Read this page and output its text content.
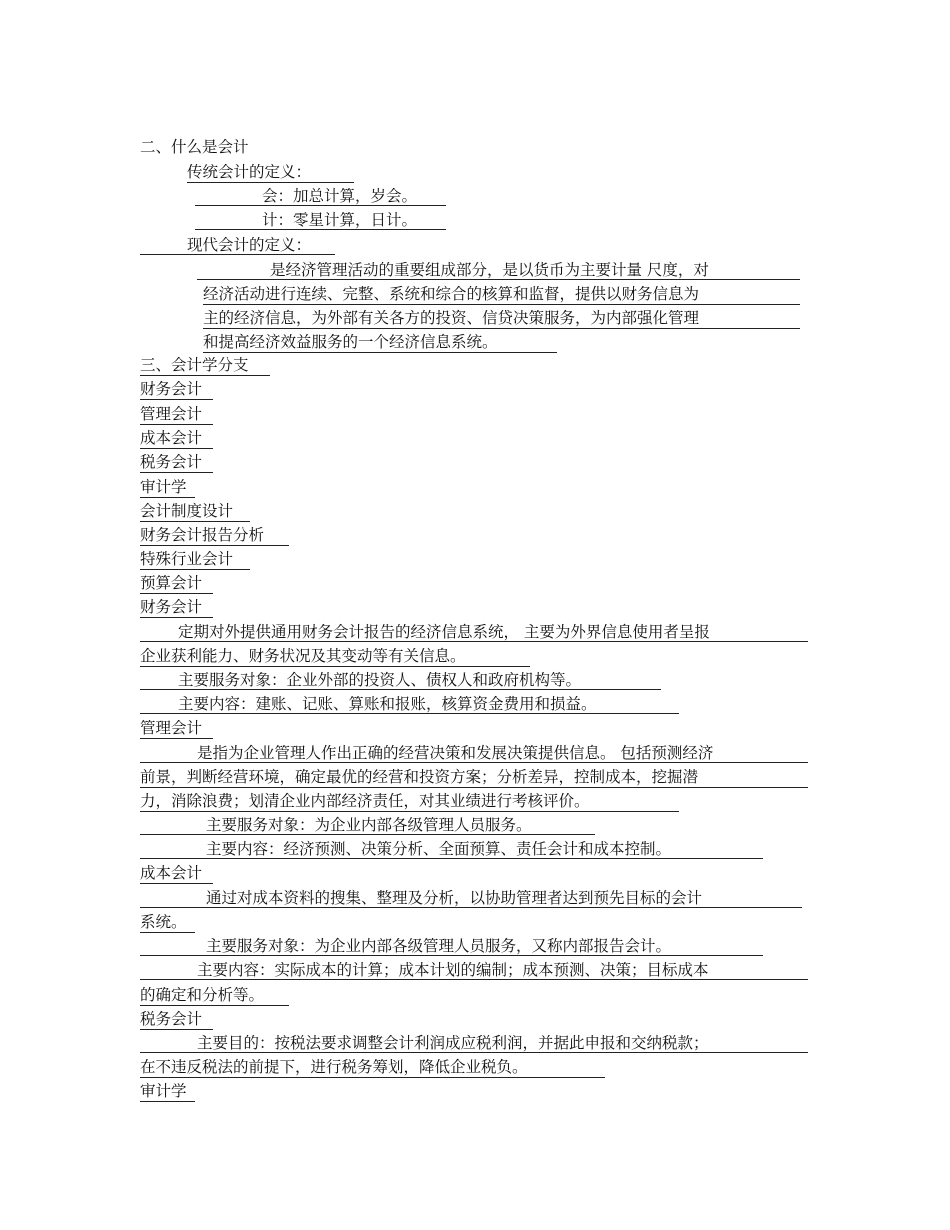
二、什么是会计
传统会计的定义：
会：加总计算，岁会。
计：零星计算，日计。
现代会计的定义：
是经济管理活动的重要组成部分，是以货币为主要计量 尺度，对
经济活动进行连续、完整、系统和综合的核算和监督，提供以财务信息为
主的经济信息，为外部有关各方的投资、信贷决策服务，为内部强化管理
和提高经济效益服务的一个经济信息系统。
三、会计学分支
财务会计
管理会计
成本会计
税务会计
审计学
会计制度设计
财务会计报告分析
特殊行业会计
预算会计
财务会计
定期对外提供通用财务会计报告的经济信息系统， 主要为外界信息使用者呈报
企业获利能力、财务状况及其变动等有关信息。
主要服务对象：企业外部的投资人、债权人和政府机构等。
主要内容：建账、记账、算账和报账，核算资金费用和损益。
管理会计
是指为企业管理人作出正确的经营决策和发展决策提供信息。 包括预测经济
前景，判断经营环境，确定最优的经营和投资方案；分析差异，控制成本，挖掘潜
力，消除浪费；划清企业内部经济责任，对其业绩进行考核评价。
主要服务对象：为企业内部各级管理人员服务。
主要内容：经济预测、决策分析、全面预算、责任会计和成本控制。
成本会计
通过对成本资料的搜集、整理及分析，以协助管理者达到预先目标的会计
系统。
主要服务对象：为企业内部各级管理人员服务，又称内部报告会计。
主要内容：实际成本的计算；成本计划的编制；成本预测、决策；目标成本
的确定和分析等。
税务会计
主要目的：按税法要求调整会计利润成应税利润，并据此申报和交纳税款；
在不违反税法的前提下，进行税务筹划，降低企业税负。
审计学
